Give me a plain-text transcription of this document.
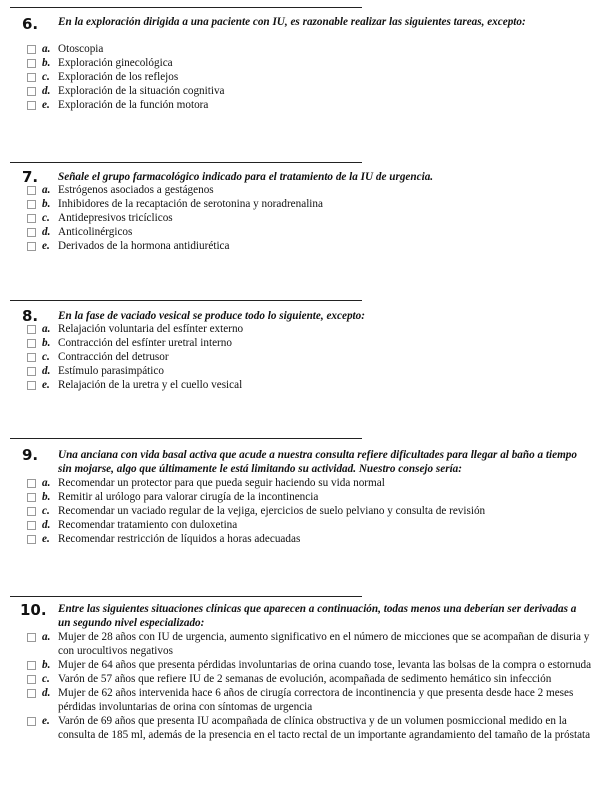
6. En la exploración dirigida a una paciente con IU, es razonable realizar las siguientes tareas, excepto:
a. Otoscopia
b. Exploración ginecológica
c. Exploración de los reflejos
d. Exploración de la situación cognitiva
e. Exploración de la función motora
7. Señale el grupo farmacológico indicado para el tratamiento de la IU de urgencia.
a. Estrógenos asociados a gestágenos
b. Inhibidores de la recaptación de serotonina y noradrenalina
c. Antidepresivos tricíclicos
d. Anticolinérgicos
e. Derivados de la hormona antidiurética
8. En la fase de vaciado vesical se produce todo lo siguiente, excepto:
a. Relajación voluntaria del esfínter externo
b. Contracción del esfínter uretral interno
c. Contracción del detrusor
d. Estímulo parasimpático
e. Relajación de la uretra y el cuello vesical
9. Una anciana con vida basal activa que acude a nuestra consulta refiere dificultades para llegar al baño a tiempo sin mojarse, algo que últimamente le está limitando su actividad. Nuestro consejo sería:
a. Recomendar un protector para que pueda seguir haciendo su vida normal
b. Remitir al urólogo para valorar cirugía de la incontinencia
c. Recomendar un vaciado regular de la vejiga, ejercicios de suelo pelviano y consulta de revisión
d. Recomendar tratamiento con duloxetina
e. Recomendar restricción de líquidos a horas adecuadas
10. Entre las siguientes situaciones clínicas que aparecen a continuación, todas menos una deberían ser derivadas a un segundo nivel especializado:
a. Mujer de 28 años con IU de urgencia, aumento significativo en el número de micciones que se acompañan de disuria y con urocultivos negativos
b. Mujer de 64 años que presenta pérdidas involuntarias de orina cuando tose, levanta las bolsas de la compra o estornuda
c. Varón de 57 años que refiere IU de 2 semanas de evolución, acompañada de sedimento hemático sin infección
d. Mujer de 62 años intervenida hace 6 años de cirugía correctora de incontinencia y que presenta desde hace 2 meses pérdidas involuntarias de orina con síntomas de urgencia
e. Varón de 69 años que presenta IU acompañada de clínica obstructiva y de un volumen posmiccional medido en la consulta de 185 ml, además de la presencia en el tacto rectal de un importante agrandamiento del tamaño de la próstata
